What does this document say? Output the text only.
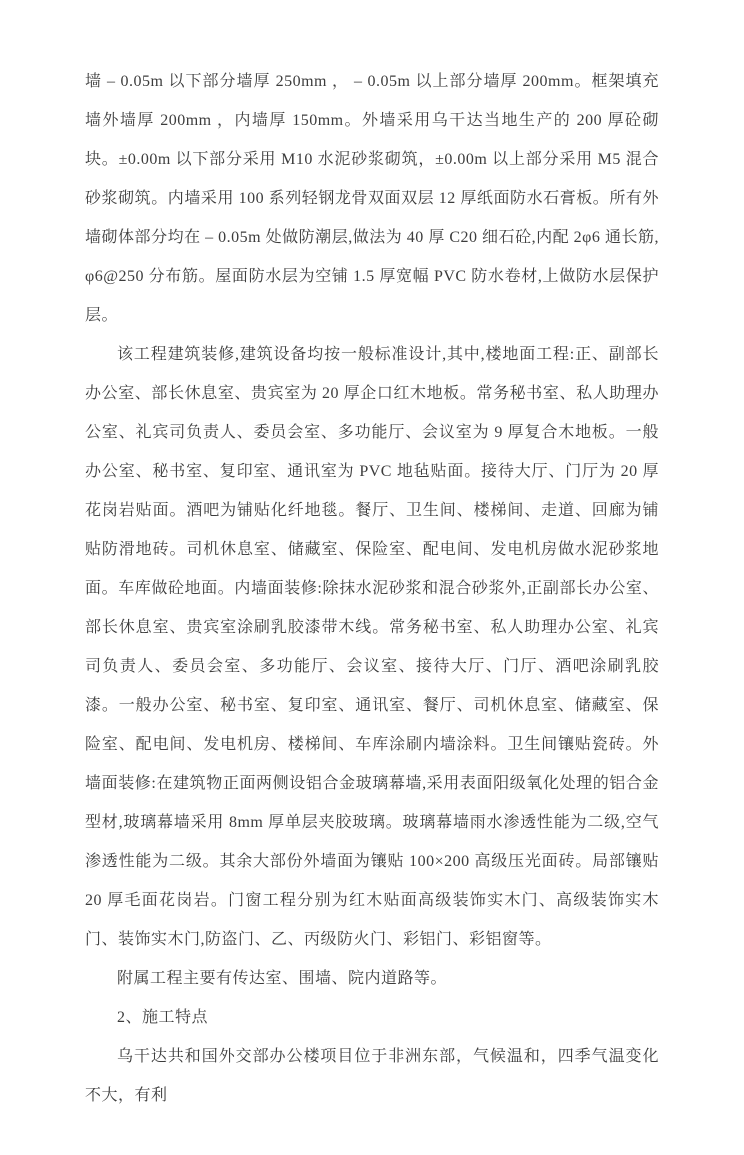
墙 – 0.05m 以下部分墙厚 250mm ， – 0.05m 以上部分墙厚 200mm。框架填充墙外墙厚 200mm ，内墙厚 150mm。外墙采用乌干达当地生产的 200 厚砼砌块。±0.00m 以下部分采用 M10 水泥砂浆砌筑，±0.00m 以上部分采用 M5 混合砂浆砌筑。内墙采用 100 系列轻钢龙骨双面双层 12 厚纸面防水石膏板。所有外墙砌体部分均在 – 0.05m 处做防潮层,做法为 40 厚 C20 细石砼,内配 2φ6 通长筋,φ6@250 分布筋。屋面防水层为空铺 1.5 厚宽幅 PVC 防水卷材,上做防水层保护层。

该工程建筑装修,建筑设备均按一般标准设计,其中,楼地面工程:正、副部长办公室、部长休息室、贵宾室为 20 厚企口红木地板。常务秘书室、私人助理办公室、礼宾司负责人、委员会室、多功能厅、会议室为 9 厚复合木地板。一般办公室、秘书室、复印室、通讯室为 PVC 地毡贴面。接待大厅、门厅为 20 厚花岗岩贴面。酒吧为铺贴化纤地毯。餐厅、卫生间、楼梯间、走道、回廊为铺贴防滑地砖。司机休息室、储藏室、保险室、配电间、发电机房做水泥砂浆地面。车库做砼地面。内墙面装修:除抹水泥砂浆和混合砂浆外,正副部长办公室、部长休息室、贵宾室涂刷乳胶漆带木线。常务秘书室、私人助理办公室、礼宾司负责人、委员会室、多功能厅、会议室、接待大厅、门厅、酒吧涂刷乳胶漆。一般办公室、秘书室、复印室、通讯室、餐厅、司机休息室、储藏室、保险室、配电间、发电机房、楼梯间、车库涂刷内墙涂料。卫生间镶贴瓷砖。外墙面装修:在建筑物正面两侧设铝合金玻璃幕墙,采用表面阳级氧化处理的铝合金型材,玻璃幕墙采用 8mm 厚单层夹胶玻璃。玻璃幕墙雨水渗透性能为二级,空气渗透性能为二级。其余大部份外墙面为镶贴 100×200 高级压光面砖。局部镶贴 20 厚毛面花岗岩。门窗工程分别为红木贴面高级装饰实木门、高级装饰实木门、装饰实木门,防盗门、乙、丙级防火门、彩铝门、彩铝窗等。

附属工程主要有传达室、围墙、院内道路等。

2、施工特点

乌干达共和国外交部办公楼项目位于非洲东部，气候温和，四季气温变化不大，有利
